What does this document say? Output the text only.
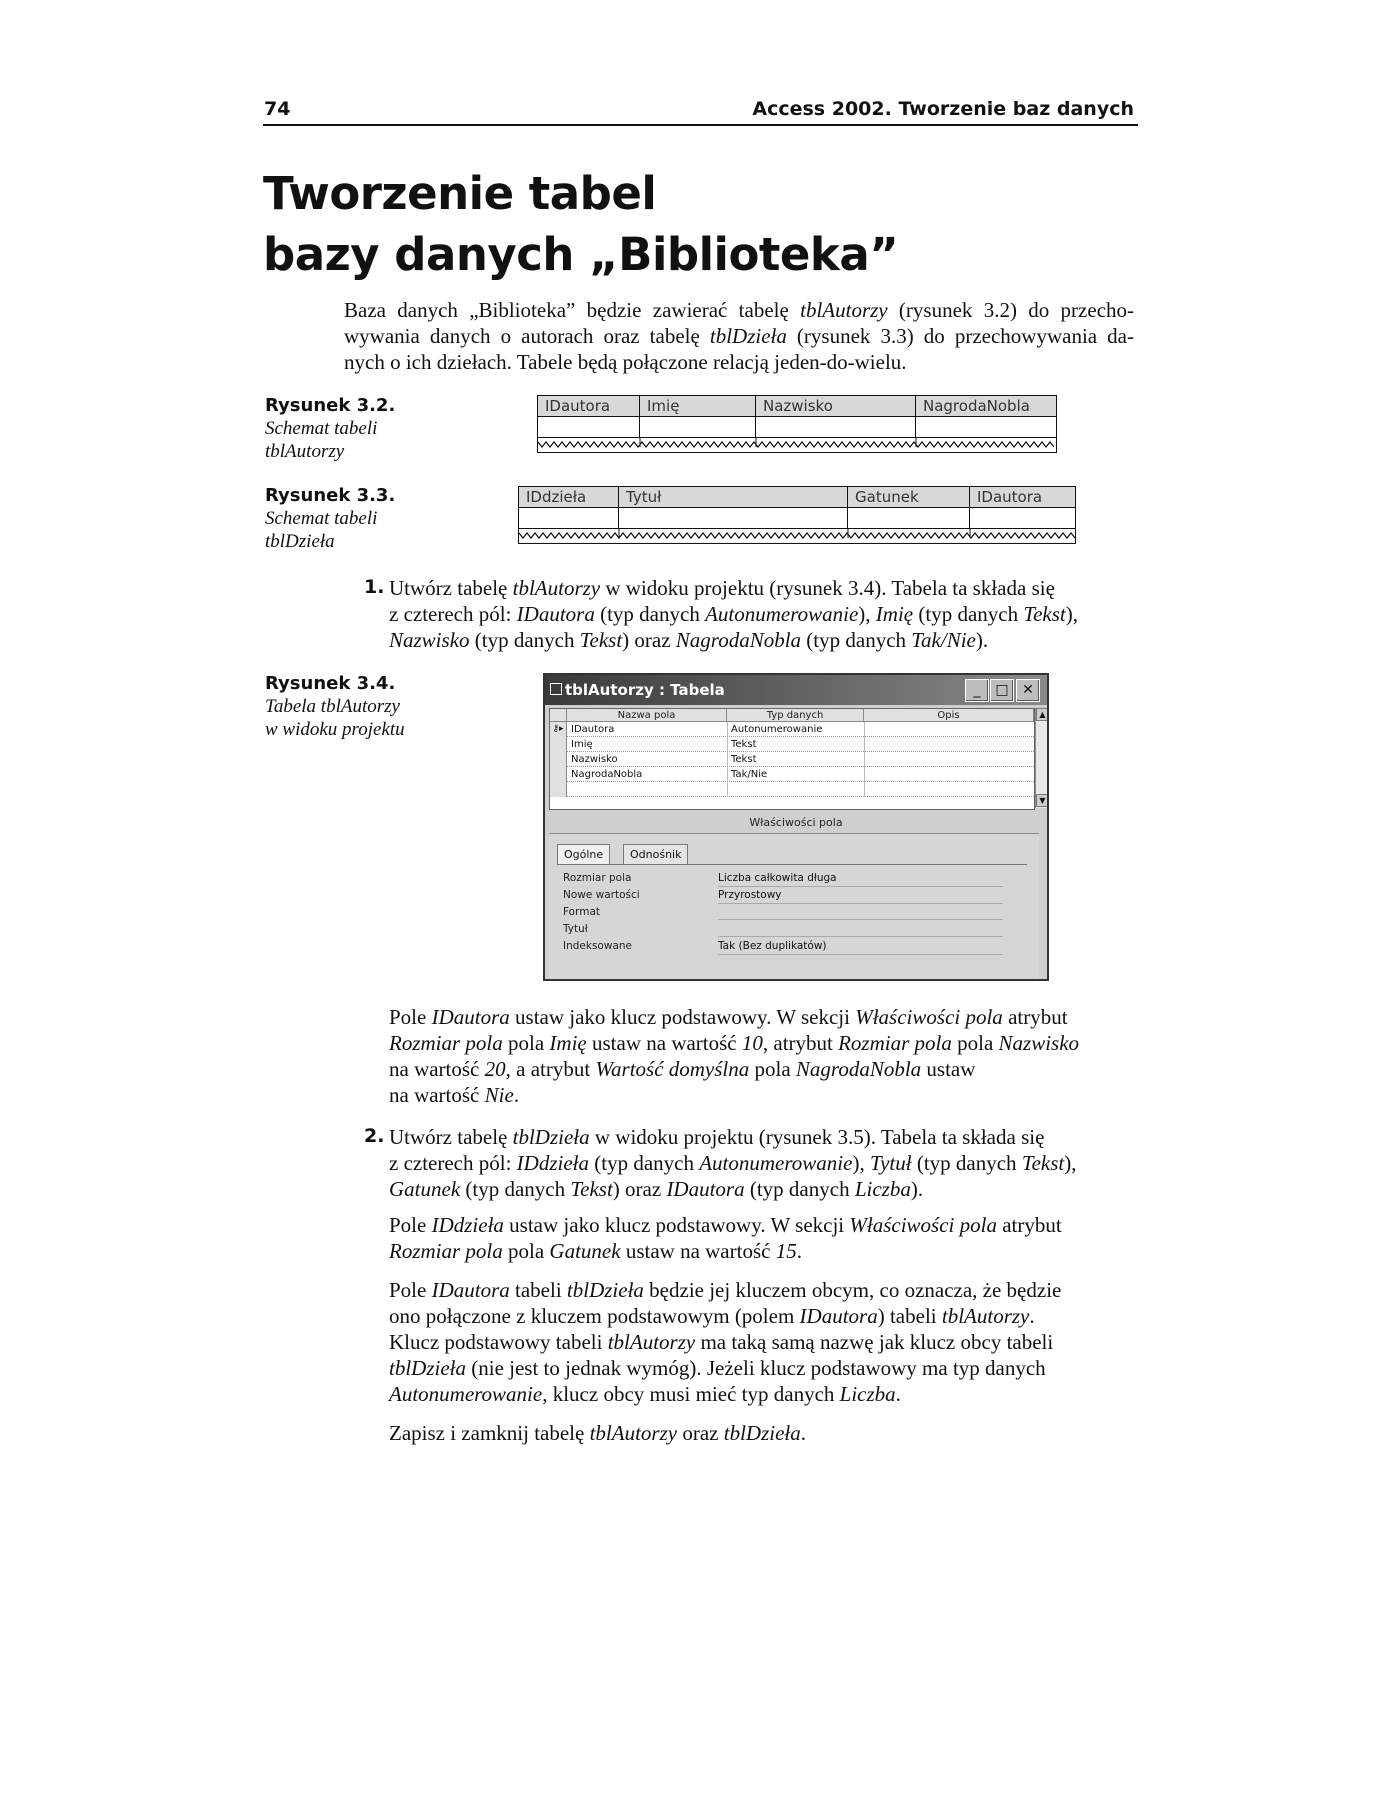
74	Access 2002. Tworzenie baz danych
Tworzenie tabel
bazy danych „Biblioteka”

Baza danych „Biblioteka” będzie zawierać tabelę tblAutorzy (rysunek 3.2) do przecho-

wywania danych o autorach oraz tabelę tblDzieła (rysunek 3.3) do przechowywania da-

nych o ich dziełach. Tabele będą połączone relacją jeden-do-wielu.

Rysunek 3.2.
Schemat tabeli
tblAutorzy
IDautora	Imię	Nazwisko	NagrodaNobla
Rysunek 3.3.
Schemat tabeli
tblDzieła
IDdzieła	Tytuł	Gatunek	IDautora
1. Utwórz tabelę tblAutorzy w widoku projektu (rysunek 3.4). Tabela ta składa się

z czterech pól: IDautora (typ danych Autonumerowanie), Imię (typ danych Tekst),

Nazwisko (typ danych Tekst) oraz NagrodaNobla (typ danych Tak/Nie).

Rysunek 3.4.
Tabela tblAutorzy
w widoku projektu
tblAutorzy : Tabela	_	□ ✕
Nazwa pola	Typ danych	Opis
⚷▸ IDautora	Autonumerowanie
Imię	Tekst
Nazwisko	Tekst
NagrodaNobla	Tak/Nie
▲
▼
Właściwości pola
Ogólne	Odnośnik
Rozmiar pola	Liczba całkowita długa
Nowe wartości	Przyrostowy
Format
Tytuł
Indeksowane	Tak (Bez duplikatów)

Pole IDautora ustaw jako klucz podstawowy. W sekcji Właściwości pola atrybut

Rozmiar pola pola Imię ustaw na wartość 10, atrybut Rozmiar pola pola Nazwisko

na wartość 20, a atrybut Wartość domyślna pola NagrodaNobla ustaw

na wartość Nie.

2. Utwórz tabelę tblDzieła w widoku projektu (rysunek 3.5). Tabela ta składa się

z czterech pól: IDdzieła (typ danych Autonumerowanie), Tytuł (typ danych Tekst),

Gatunek (typ danych Tekst) oraz IDautora (typ danych Liczba).

Pole IDdzieła ustaw jako klucz podstawowy. W sekcji Właściwości pola atrybut

Rozmiar pola pola Gatunek ustaw na wartość 15.

Pole IDautora tabeli tblDzieła będzie jej kluczem obcym, co oznacza, że będzie

ono połączone z kluczem podstawowym (polem IDautora) tabeli tblAutorzy.

Klucz podstawowy tabeli tblAutorzy ma taką samą nazwę jak klucz obcy tabeli

tblDzieła (nie jest to jednak wymóg). Jeżeli klucz podstawowy ma typ danych

Autonumerowanie, klucz obcy musi mieć typ danych Liczba.

Zapisz i zamknij tabelę tblAutorzy oraz tblDzieła.
